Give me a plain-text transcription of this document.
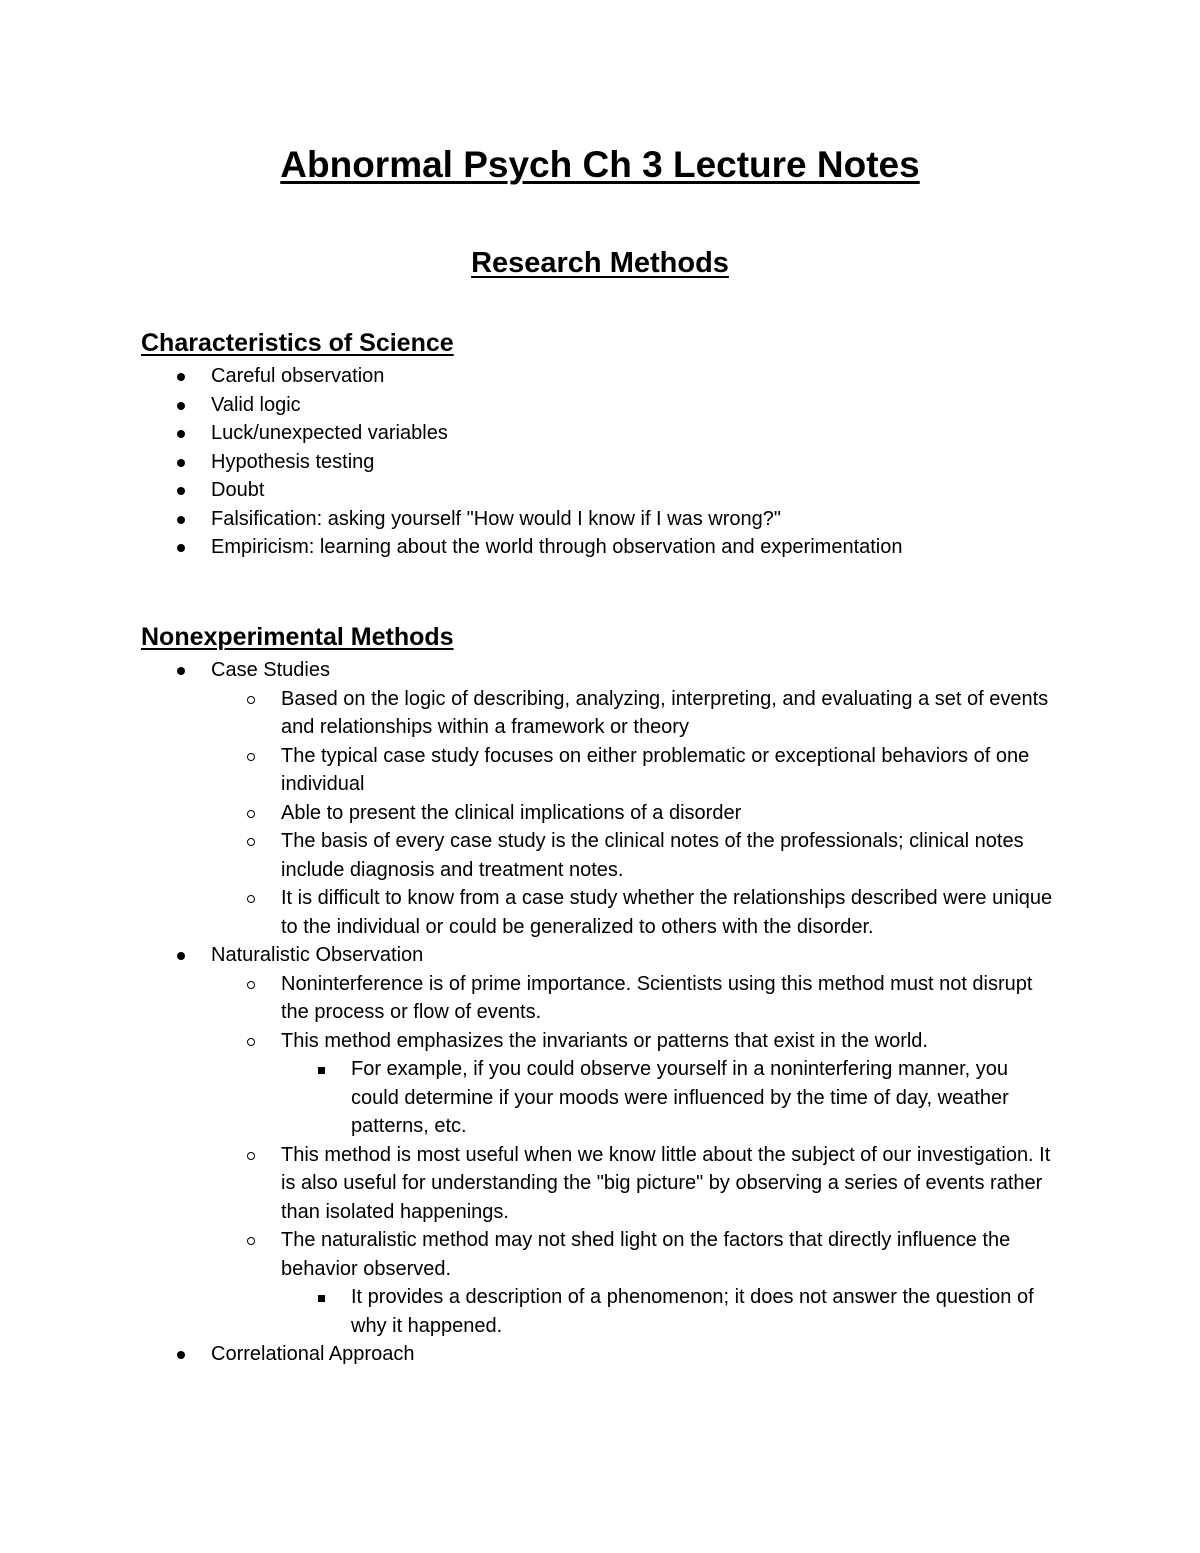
Abnormal Psych Ch 3 Lecture Notes
Research Methods
Characteristics of Science
Careful observation
Valid logic
Luck/unexpected variables
Hypothesis testing
Doubt
Falsification: asking yourself "How would I know if I was wrong?"
Empiricism: learning about the world through observation and experimentation
Nonexperimental Methods
Case Studies
Based on the logic of describing, analyzing, interpreting, and evaluating a set of events and relationships within a framework or theory
The typical case study focuses on either problematic or exceptional behaviors of one individual
Able to present the clinical implications of a disorder
The basis of every case study is the clinical notes of the professionals; clinical notes include diagnosis and treatment notes.
It is difficult to know from a case study whether the relationships described were unique to the individual or could be generalized to others with the disorder.
Naturalistic Observation
Noninterference is of prime importance. Scientists using this method must not disrupt the process or flow of events.
This method emphasizes the invariants or patterns that exist in the world.
For example, if you could observe yourself in a noninterfering manner, you could determine if your moods were influenced by the time of day, weather patterns, etc.
This method is most useful when we know little about the subject of our investigation. It is also useful for understanding the "big picture" by observing a series of events rather than isolated happenings.
The naturalistic method may not shed light on the factors that directly influence the behavior observed.
It provides a description of a phenomenon; it does not answer the question of why it happened.
Correlational Approach
